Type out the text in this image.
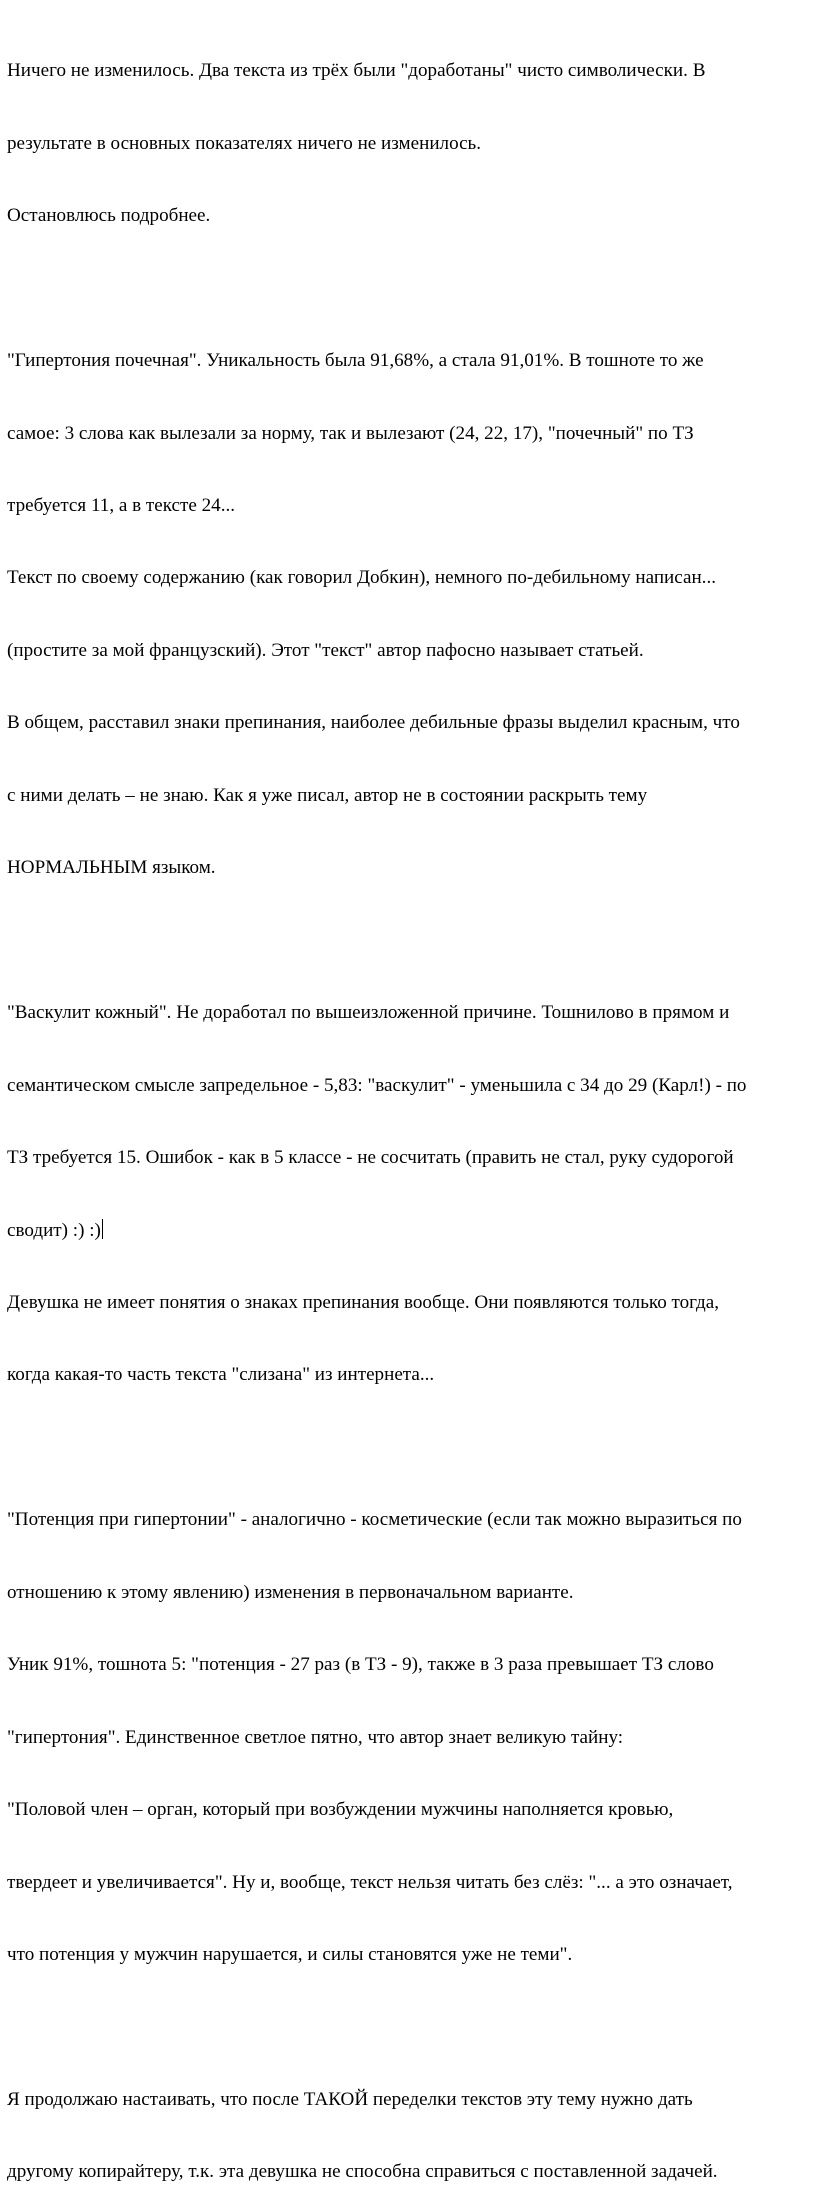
Ничего не изменилось. Два текста из трёх были "доработаны" чисто символически. В

результате в основных показателях ничего не изменилось.

Остановлюсь подробнее.

"Гипертония почечная". Уникальность была 91,68%, а стала 91,01%. В тошноте то же

самое: 3 слова как вылезали за норму, так и вылезают (24, 22, 17), "почечный" по ТЗ

требуется 11, а в тексте 24...

Текст по своему содержанию (как говорил Добкин), немного по-дебильному написан...

(простите за мой французский). Этот "текст" автор пафосно называет статьей.

В общем, расставил знаки препинания, наиболее дебильные фразы выделил красным, что

с ними делать – не знаю. Как я уже писал, автор не в состоянии раскрыть тему

НОРМАЛЬНЫМ языком.

"Васкулит кожный". Не доработал по вышеизложенной причине. Тошнилово в прямом и

семантическом смысле запредельное - 5,83: "васкулит" - уменьшила с 34 до 29 (Карл!) - по

ТЗ требуется 15. Ошибок - как в 5 классе - не сосчитать (править не стал, руку судорогой

сводит) :) :)

Девушка не имеет понятия о знаках препинания вообще. Они появляются только тогда,

когда какая-то часть текста "слизана" из интернета...

"Потенция при гипертонии" - аналогично - косметические (если так можно выразиться по

отношению к этому явлению) изменения в первоначальном варианте.

Уник 91%, тошнота 5: "потенция - 27 раз (в ТЗ - 9), также в 3 раза превышает ТЗ слово

"гипертония". Единственное светлое пятно, что автор знает великую тайну:

"Половой член – орган, который при возбуждении мужчины наполняется кровью,

твердеет и увеличивается". Ну и, вообще, текст нельзя читать без слёз: "... а это означает,

что потенция у мужчин нарушается, и силы становятся уже не теми".

Я продолжаю настаивать, что после ТАКОЙ переделки текстов эту тему нужно дать

другому копирайтеру, т.к. эта девушка не способна справиться с поставленной задачей.
